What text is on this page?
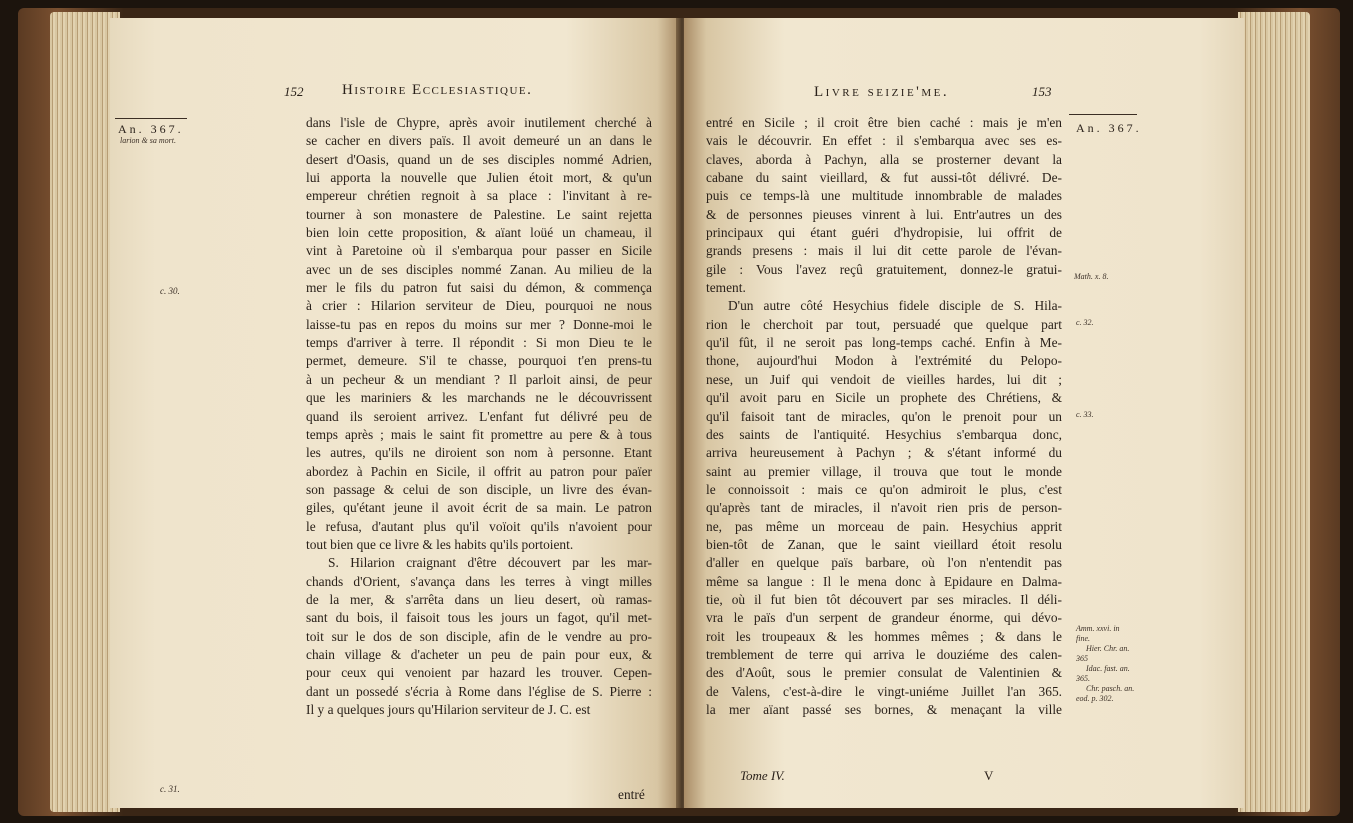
152	Histoire Ecclesiastique.
An. 367.
larion & sa mort.
c. 30.
c. 31.
dans l'isle de Chypre, après avoir inutilement cherché à
se cacher en divers païs. Il avoit demeuré un an dans le
desert d'Oasis, quand un de ses disciples nommé Adrien,
lui apporta la nouvelle que Julien étoit mort, & qu'un
empereur chrétien regnoit à sa place : l'invitant à re-
tourner à son monastere de Palestine. Le saint rejetta
bien loin cette proposition, & aïant loüé un chameau, il
vint à Paretoine où il s'embarqua pour passer en Sicile
avec un de ses disciples nommé Zanan. Au milieu de la
mer le fils du patron fut saisi du démon, & commença
à crier : Hilarion serviteur de Dieu, pourquoi ne nous
laisse-tu pas en repos du moins sur mer ? Donne-moi le
temps d'arriver à terre. Il répondit : Si mon Dieu te le
permet, demeure. S'il te chasse, pourquoi t'en prens-tu
à un pecheur & un mendiant ? Il parloit ainsi, de peur
que les mariniers & les marchands ne le découvrissent
quand ils seroient arrivez. L'enfant fut délivré peu de
temps après ; mais le saint fit promettre au pere & à tous
les autres, qu'ils ne diroient son nom à personne. Etant
abordez à Pachin en Sicile, il offrit au patron pour païer
son passage & celui de son disciple, un livre des évan-
giles, qu'étant jeune il avoit écrit de sa main. Le patron
le refusa, d'autant plus qu'il voïoit qu'ils n'avoient pour
tout bien que ce livre & les habits qu'ils portoient.
S. Hilarion craignant d'être découvert par les mar-
chands d'Orient, s'avança dans les terres à vingt milles
de la mer, & s'arrêta dans un lieu desert, où ramas-
sant du bois, il faisoit tous les jours un fagot, qu'il met-
toit sur le dos de son disciple, afin de le vendre au pro-
chain village & d'acheter un peu de pain pour eux, &
pour ceux qui venoient par hazard les trouver. Cepen-
dant un possedé s'écria à Rome dans l'église de S. Pierre :
Il y a quelques jours qu'Hilarion serviteur de J. C. est
entré
Livre seizie'me.	153
An. 367.
Math. x. 8.
c. 32.
c. 33.
Amm. xxvi. in
fine.
Hier. Chr. an.
365
Idac. fast. an.
365.
Chr. pasch. an.
eod. p. 302.
entré en Sicile ; il croit être bien caché : mais je m'en
vais le découvrir. En effet : il s'embarqua avec ses es-
claves, aborda à Pachyn, alla se prosterner devant la
cabane du saint vieillard, & fut aussi-tôt délivré. De-
puis ce temps-là une multitude innombrable de malades
& de personnes pieuses vinrent à lui. Entr'autres un des
principaux qui étant guéri d'hydropisie, lui offrit de
grands presens : mais il lui dit cette parole de l'évan-
gile : Vous l'avez reçû gratuitement, donnez-le gratui-
tement.
D'un autre côté Hesychius fidele disciple de S. Hila-
rion le cherchoit par tout, persuadé que quelque part
qu'il fût, il ne seroit pas long-temps caché. Enfin à Me-
thone, aujourd'hui Modon à l'extrémité du Pelopo-
nese, un Juif qui vendoit de vieilles hardes, lui dit ;
qu'il avoit paru en Sicile un prophete des Chrétiens, &
qu'il faisoit tant de miracles, qu'on le prenoit pour un
des saints de l'antiquité. Hesychius s'embarqua donc,
arriva heureusement à Pachyn ; & s'étant informé du
saint au premier village, il trouva que tout le monde
le connoissoit : mais ce qu'on admiroit le plus, c'est
qu'après tant de miracles, il n'avoit rien pris de person-
ne, pas même un morceau de pain. Hesychius apprit
bien-tôt de Zanan, que le saint vieillard étoit resolu
d'aller en quelque païs barbare, où l'on n'entendit pas
même sa langue : Il le mena donc à Epidaure en Dalma-
tie, où il fut bien tôt découvert par ses miracles. Il déli-
vra le païs d'un serpent de grandeur énorme, qui dévo-
roit les troupeaux & les hommes mêmes ; & dans le
tremblement de terre qui arriva le douziéme des calen-
des d'Août, sous le premier consulat de Valentinien &
de Valens, c'est-à-dire le vingt-uniéme Juillet l'an 365.
la mer aïant passé ses bornes, & menaçant la ville
Tome IV.	V
